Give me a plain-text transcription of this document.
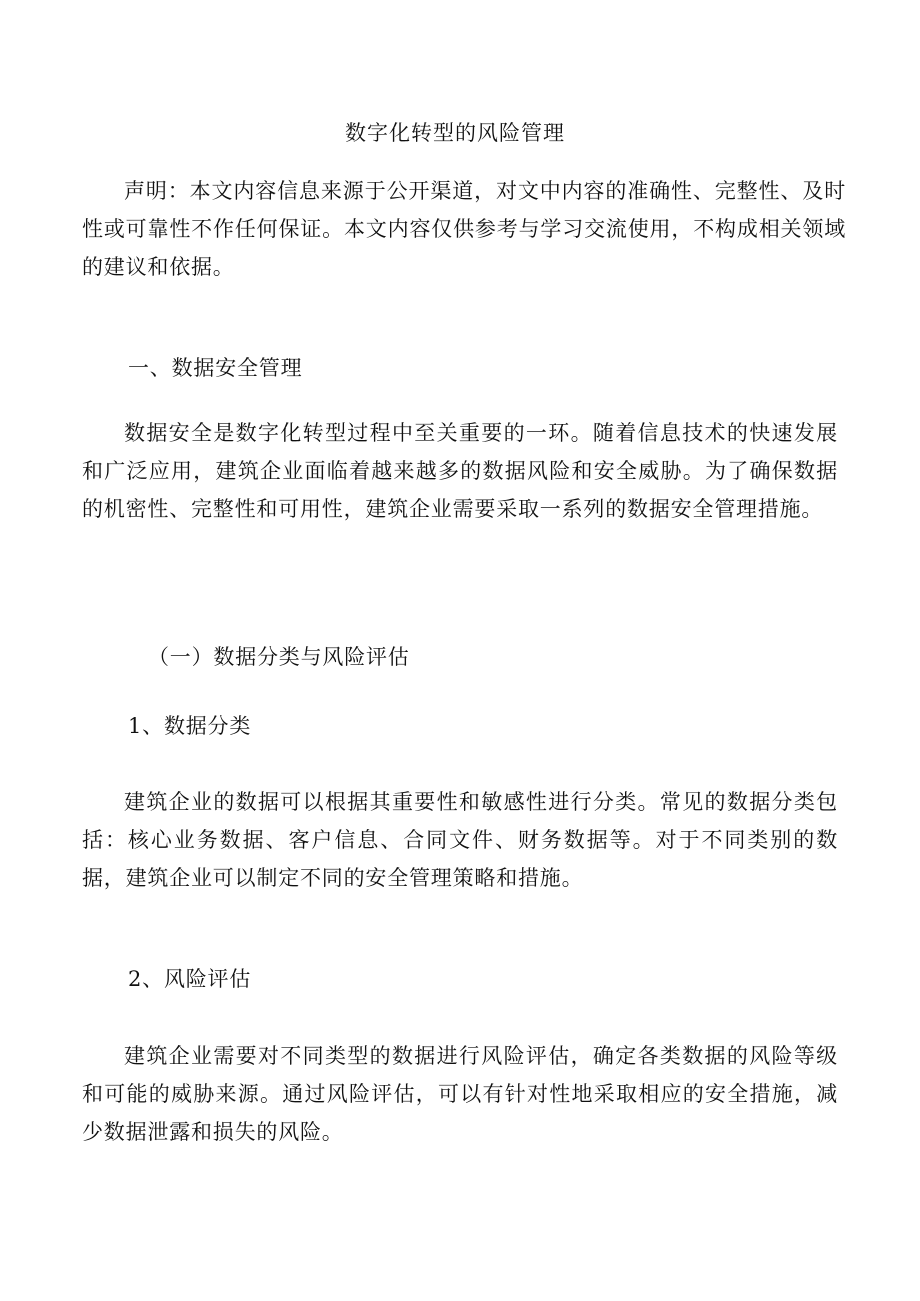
数字化转型的风险管理
声明：本文内容信息来源于公开渠道，对文中内容的准确性、完整性、及时性或可靠性不作任何保证。本文内容仅供参考与学习交流使用，不构成相关领域的建议和依据。
一、数据安全管理
数据安全是数字化转型过程中至关重要的一环。随着信息技术的快速发展和广泛应用，建筑企业面临着越来越多的数据风险和安全威胁。为了确保数据的机密性、完整性和可用性，建筑企业需要采取一系列的数据安全管理措施。
（一）数据分类与风险评估
1、数据分类
建筑企业的数据可以根据其重要性和敏感性进行分类。常见的数据分类包括：核心业务数据、客户信息、合同文件、财务数据等。对于不同类别的数据，建筑企业可以制定不同的安全管理策略和措施。
2、风险评估
建筑企业需要对不同类型的数据进行风险评估，确定各类数据的风险等级和可能的威胁来源。通过风险评估，可以有针对性地采取相应的安全措施，减少数据泄露和损失的风险。
